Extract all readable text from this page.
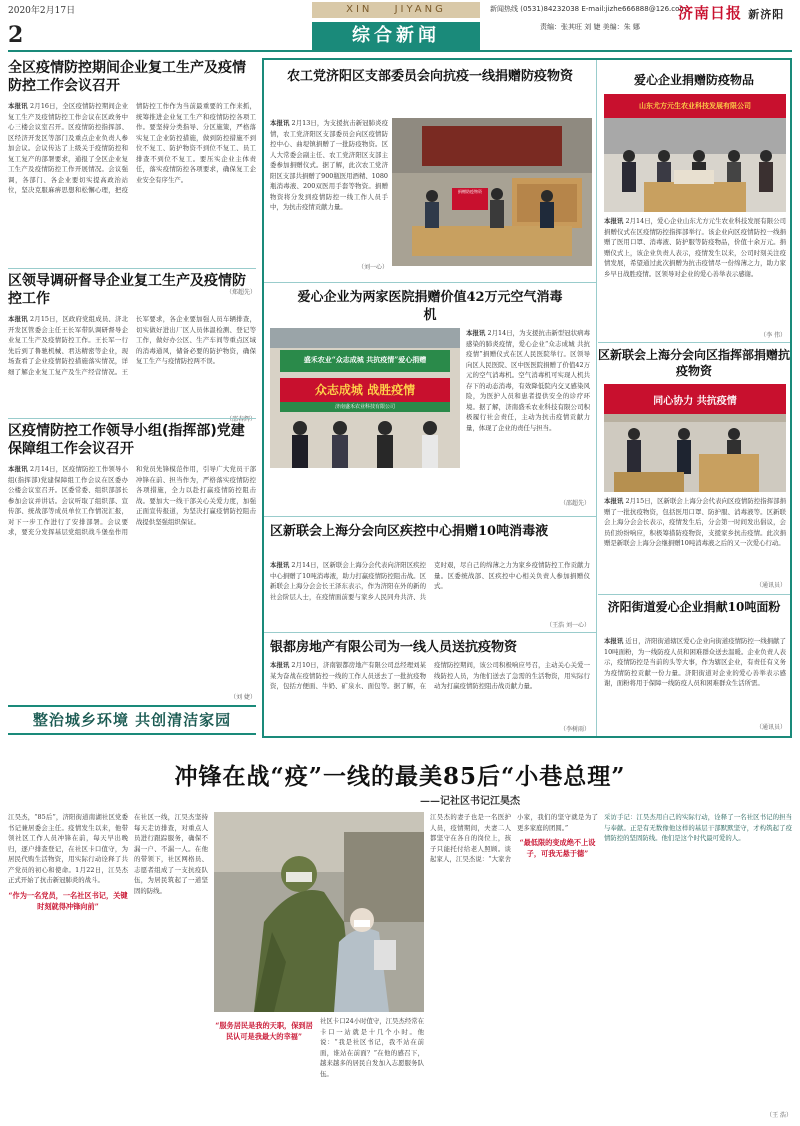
2020年2月17日	XIN JIYANG	新闻热线 (0531)84232038 E-mail:jizhe666888@126.com
责编：张其旺 刘 婕 美编：朱 娜
济南日报 新济阳
2	综合新闻
全区疫情防控期间企业复工生产及疫情防控工作会议召开
本报讯 2月16日，全区疫情防控期间企业复工生产及疫情防控工作会议在区政务中心三楼会议室召开。区疫情防控指挥部、区经济开发区等部门及重点企业负责人参加会议。会议传达了上级关于疫情防控和复工复产的部署要求，通报了全区企业复工生产及疫情防控工作开展情况。会议强调，各部门、各企业要切实提高政治站位，坚决克服麻痹思想和松懈心理，把疫情防控工作作为当前最重要的工作来抓，统筹推进企业复工生产和疫情防控各项工作。要坚持分类指导、分区施策，严格落实复工企业防控措施，做到防控措施不到位不复工、防护物资不到位不复工、员工排查不到位不复工。要压实企业主体责任，落实疫情防控各项要求，确保复工企业安全有序生产。
（郑超先）
区领导调研督导企业复工生产及疫情防控工作
本报讯 2月15日，区政府党组成员、济北开发区管委会主任王长军带队调研督导企业复工生产及疫情防控工作。王长军一行先后到了鲁驰机械、君达精密等企业，现场查看了企业疫情防控措施落实情况，详细了解企业复工复产及生产经营情况。王长军要求，各企业要加强人员车辆排查，切实做好进出厂区人员体温检测、登记等工作，做好办公区、生产车间等重点区域的消毒通风，储备必要的防护物资，确保复工生产与疫情防控两不误。
（邵春辉）
区疫情防控工作领导小组(指挥部)党建保障组工作会议召开
本报讯 2月14日，区疫情防控工作领导小组(指挥部)党建保障组工作会议在区委办公楼会议室召开。区委常委、组织部部长参加会议并讲话。会议听取了组织部、宣传部、统战部等成员单位工作情况汇报，对下一步工作进行了安排部署。会议要求，要充分发挥基层党组织战斗堡垒作用和党员先锋模范作用，引导广大党员干部冲锋在前、担当作为，严格落实疫情防控各项措施，全力以赴打赢疫情防控阻击战。要加大一线干部关心关爱力度，加强正面宣传报道，为坚决打赢疫情防控阻击战提供坚强组织保证。
（刘 婕）
整治城乡环境 共创清洁家园
农工党济阳区支部委员会向抗疫一线捐赠防疫物资
本报讯 2月13日，为支援抗击新冠肺炎疫情，农工党济阳区支部委员会向区疫情防控中心、曲堤镇捐赠了一批防疫物资。区人大常委会副主任、农工党济阳区支部主委参加捐赠仪式。据了解，此次农工党济阳区支部共捐赠了900瓶医用酒精、1080瓶消毒液、200双医用手套等物资。捐赠物资将分发到疫情防控一线工作人员手中，为抗击疫情贡献力量。
（刘一心）
捐赠防疫物资
爱心企业为两家医院捐赠价值42万元空气消毒机
盛禾农业“众志成城 共抗疫情”爱心捐赠
众志成城 战胜疫情
济南盛禾农业科技有限公司
本报讯 2月14日，为支援抗击新型冠状病毒感染的肺炎疫情，爱心企业“众志成城 共抗疫情”捐赠仪式在区人民医院举行。区领导向区人民医院、区中医医院捐赠了价值42万元的空气消毒机。空气消毒机可实现人机共存下的动态消毒，有效降低院内交叉感染风险，为医护人员和患者提供安全的诊疗环境。据了解，济南盛禾农业科技有限公司积极履行社会责任，主动为抗击疫情贡献力量，体现了企业的责任与担当。
（邵超先）
区新联会上海分会向区疾控中心捐赠10吨消毒液
本报讯 2月14日，区新联会上海分会代表向济阳区疾控中心捐赠了10吨消毒液，助力打赢疫情防控阻击战。区新联会上海分会会长王泽东表示，作为济阳在外的新的社会阶层人士，在疫情面前要与家乡人民同舟共济、共克时艰，尽自己的绵薄之力为家乡疫情防控工作贡献力量。区委统战部、区疾控中心相关负责人参加捐赠仪式。
（王浩 刘一心）
银都房地产有限公司为一线人员送抗疫物资
本报讯 2月10日，济南银都房地产有限公司总经理刘某某为奋战在疫情防控一线的工作人员送去了一批抗疫物资，包括方便面、牛奶、矿泉水、面包等。据了解，在疫情防控期间，该公司积极响应号召，主动关心关爱一线防控人员，为他们送去了急需的生活物资，用实际行动为打赢疫情防控阻击战贡献力量。
（李树雨）
爱心企业捐赠防疫物品
山东尤方元生农业科技发展有限公司
本报讯 2月14日，爱心企业山东尤方元生农业科技发展有限公司捐赠仪式在区疫情防控指挥部举行。该企业向区疫情防控一线捐赠了医用口罩、消毒液、防护服等防疫物品，价值十余万元。捐赠仪式上，该企业负责人表示，疫情发生以来，公司时刻关注疫情发展，希望通过此次捐赠为抗击疫情尽一份绵薄之力，助力家乡早日战胜疫情。区领导对企业的爱心善举表示感谢。
（李 伟）
区新联会上海分会向区指挥部捐赠抗疫物资
同心协力 共抗疫情
本报讯 2月15日，区新联会上海分会代表向区疫情防控指挥部捐赠了一批抗疫物资，包括医用口罩、防护服、消毒液等。区新联会上海分会会长表示，疫情发生后，分会第一时间发出倡议，会员们纷纷响应，积极筹措防疫物资，支援家乡抗击疫情。此次捐赠是新联会上海分会继捐赠10吨消毒液之后的又一次爱心行动。
（通讯员）
济阳街道爱心企业捐献10吨面粉
本报讯 近日，济阳街道辖区爱心企业向街道疫情防控一线捐献了10吨面粉，为一线防疫人员和困难群众送去温暖。企业负责人表示，疫情防控是当前的头等大事，作为辖区企业，有责任有义务为疫情防控贡献一份力量。济阳街道对企业的爱心善举表示感谢，面粉将用于保障一线防疫人员和困难群众生活所需。
（通讯员）
冲锋在战“疫”一线的最美85后“小巷总理”
——记社区书记江昊杰
江昊杰，“85后”，济阳街道南湖社区党委书记兼居委会主任。疫情发生以来，他带领社区工作人员冲锋在前，每天早出晚归，逐户排查登记，在社区卡口值守，为居民代购生活物资，用实际行动诠释了共产党员的初心和使命。1月22日，江昊杰正式开始了抗击新冠肺炎的战斗。
“作为一名党员，一名社区书记，关键时刻就得冲锋向前”
在社区一线，江昊杰坚持每天走访排查，对重点人员进行跟踪服务，确保不漏一户、不漏一人。在他的带领下，社区网格员、志愿者组成了一支抗疫队伍，为居民筑起了一道坚固的防线。
“服务居民是我的天职，保到居民认可是我最大的幸福”
社区卡口24小时值守，江昊杰经常在卡口一站就是十几个小时。他说：“我是社区书记，我不站在前面，谁站在前面？”在他的感召下，越来越多的居民自发加入志愿服务队伍。
江昊杰的妻子也是一名医护人员，疫情期间，夫妻二人都坚守在各自的岗位上，孩子只能托付给老人照顾。谈起家人，江昊杰说：“大家舍小家，我们的坚守就是为了更多家庭的团圆。”
“最低限的变成绝不上设子，可我无悬于德”
采访手记：江昊杰用自己的实际行动，诠释了一名社区书记的担当与奉献。正是有无数像他这样的基层干部默默坚守，才构筑起了疫情防控的坚固防线。他们是这个时代最可爱的人。
（王 浩）
